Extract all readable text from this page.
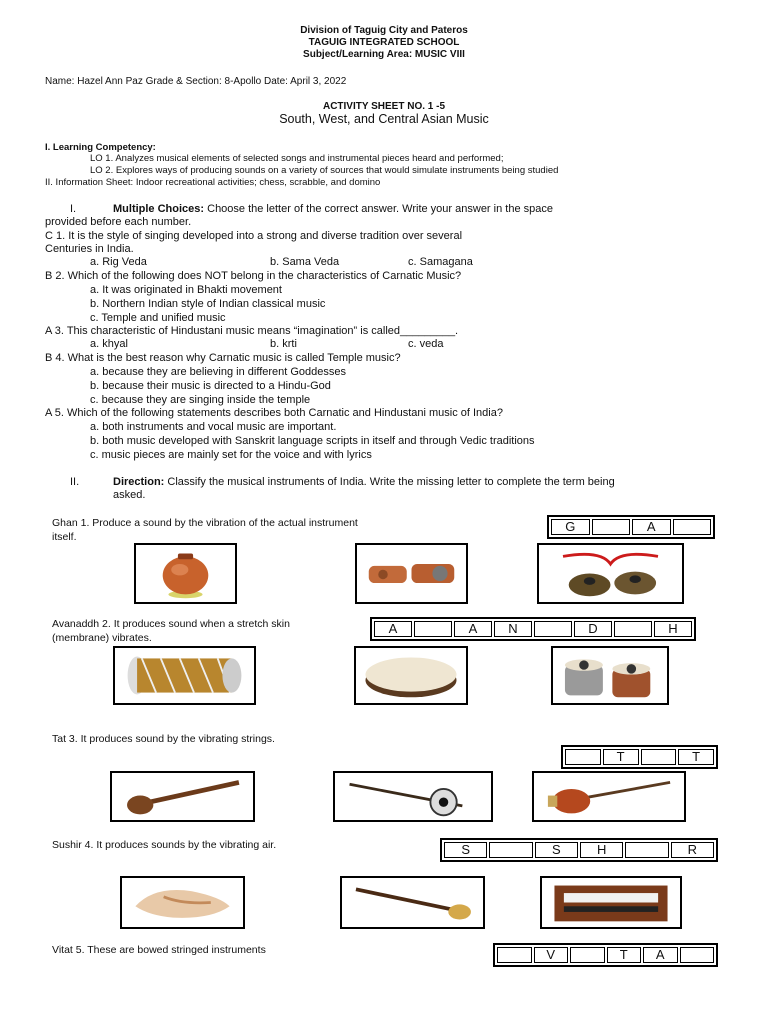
Division of Taguig City and Pateros
TAGUIG INTEGRATED SCHOOL
Subject/Learning Area: MUSIC VIII
Name: Hazel Ann Paz Grade & Section: 8-Apollo Date: April 3, 2022
ACTIVITY SHEET NO. 1 -5
South, West, and Central Asian Music
I. Learning Competency:
LO 1. Analyzes musical elements of selected songs and instrumental pieces heard and performed;
LO 2. Explores ways of producing sounds on a variety of sources that would simulate instruments being studied
II. Information Sheet: Indoor recreational activities; chess, scrabble, and domino
I.	Multiple Choices: Choose the letter of the correct answer. Write your answer in the space
provided before each number.
C 1. It is the style of singing developed into a strong and diverse tradition over several
Centuries in India.
a. Rig Veda	b. Sama Veda	c. Samagana
B 2. Which of the following does NOT belong in the characteristics of Carnatic Music?
a. It was originated in Bhakti movement
b. Northern Indian style of Indian classical music
c. Temple and unified music
A 3. This characteristic of Hindustani music means “imagination” is called_________.
a. khyal	b. krti	c. veda
B 4. What is the best reason why Carnatic music is called Temple music?
a. because they are believing in different Goddesses
b. because their music is directed to a Hindu-God
c. because they are singing inside the temple
A 5. Which of the following statements describes both Carnatic and Hindustani music of India?
a. both instruments and vocal music are important.
b. both music developed with Sanskrit language scripts in itself and through Vedic traditions
c. music pieces are mainly set for the voice and with lyrics
II.	Direction: Classify the musical instruments of India. Write the missing letter to complete the term being
asked.
Ghan 1. Produce a sound by the vibration of the actual instrument
itself.
G	A
Avanaddh 2. It produces sound when a stretch skin
(membrane) vibrates.
A	A	N	D	H
Tat 3. It produces sound by the vibrating strings.
T	T
Sushir 4. It produces sounds by the vibrating air.	S	S	H	R
Vitat 5. These are bowed stringed instruments	V	T	A
